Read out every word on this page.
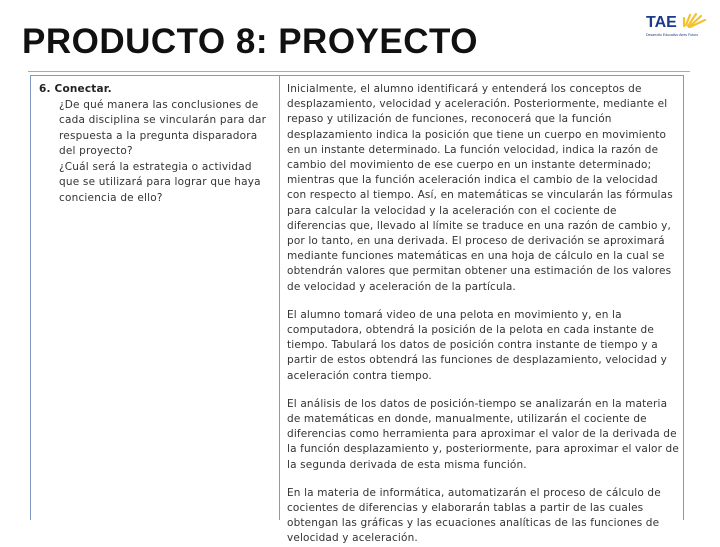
PRODUCTO 8: PROYECTO	TAE
Desarrollo Educativo Aires Futuro
6. Conectar.
¿De qué manera las conclusiones de cada disciplina se vincularán para dar respuesta a la pregunta disparadora del proyecto?
¿Cuál será la estrategia o actividad que se utilizará para lograr que haya conciencia de ello?

Inicialmente, el alumno identificará y entenderá los conceptos de desplazamiento, velocidad y aceleración. Posteriormente, mediante el repaso y utilización de funciones, reconocerá que la función desplazamiento indica la posición que tiene un cuerpo en movimiento en un instante determinado. La función velocidad, indica la razón de cambio del movimiento de ese cuerpo en un instante determinado; mientras que la función aceleración indica el cambio de la velocidad con respecto al tiempo. Así, en matemáticas se vincularán las fórmulas para calcular la velocidad y la aceleración con el cociente de diferencias que, llevado al límite se traduce en una razón de cambio y, por lo tanto, en una derivada. El proceso de derivación se aproximará mediante funciones matemáticas en una hoja de cálculo en la cual se obtendrán valores que permitan obtener una estimación de los valores de velocidad y aceleración de la partícula.

El alumno tomará video de una pelota en movimiento y, en la computadora, obtendrá la posición de la pelota en cada instante de tiempo. Tabulará los datos de posición contra instante de tiempo y a partir de estos obtendrá las funciones de desplazamiento, velocidad y aceleración contra tiempo.

El análisis de los datos de posición-tiempo se analizarán en la materia de matemáticas en donde, manualmente, utilizarán el cociente de diferencias como herramienta para aproximar el valor de la derivada de la función desplazamiento y, posteriormente, para aproximar el valor de la segunda derivada de esta misma función.

En la materia de informática, automatizarán el proceso de cálculo de cocientes de diferencias y elaborarán tablas a partir de las cuales obtengan las gráficas y las ecuaciones analíticas de las funciones de velocidad y aceleración.
